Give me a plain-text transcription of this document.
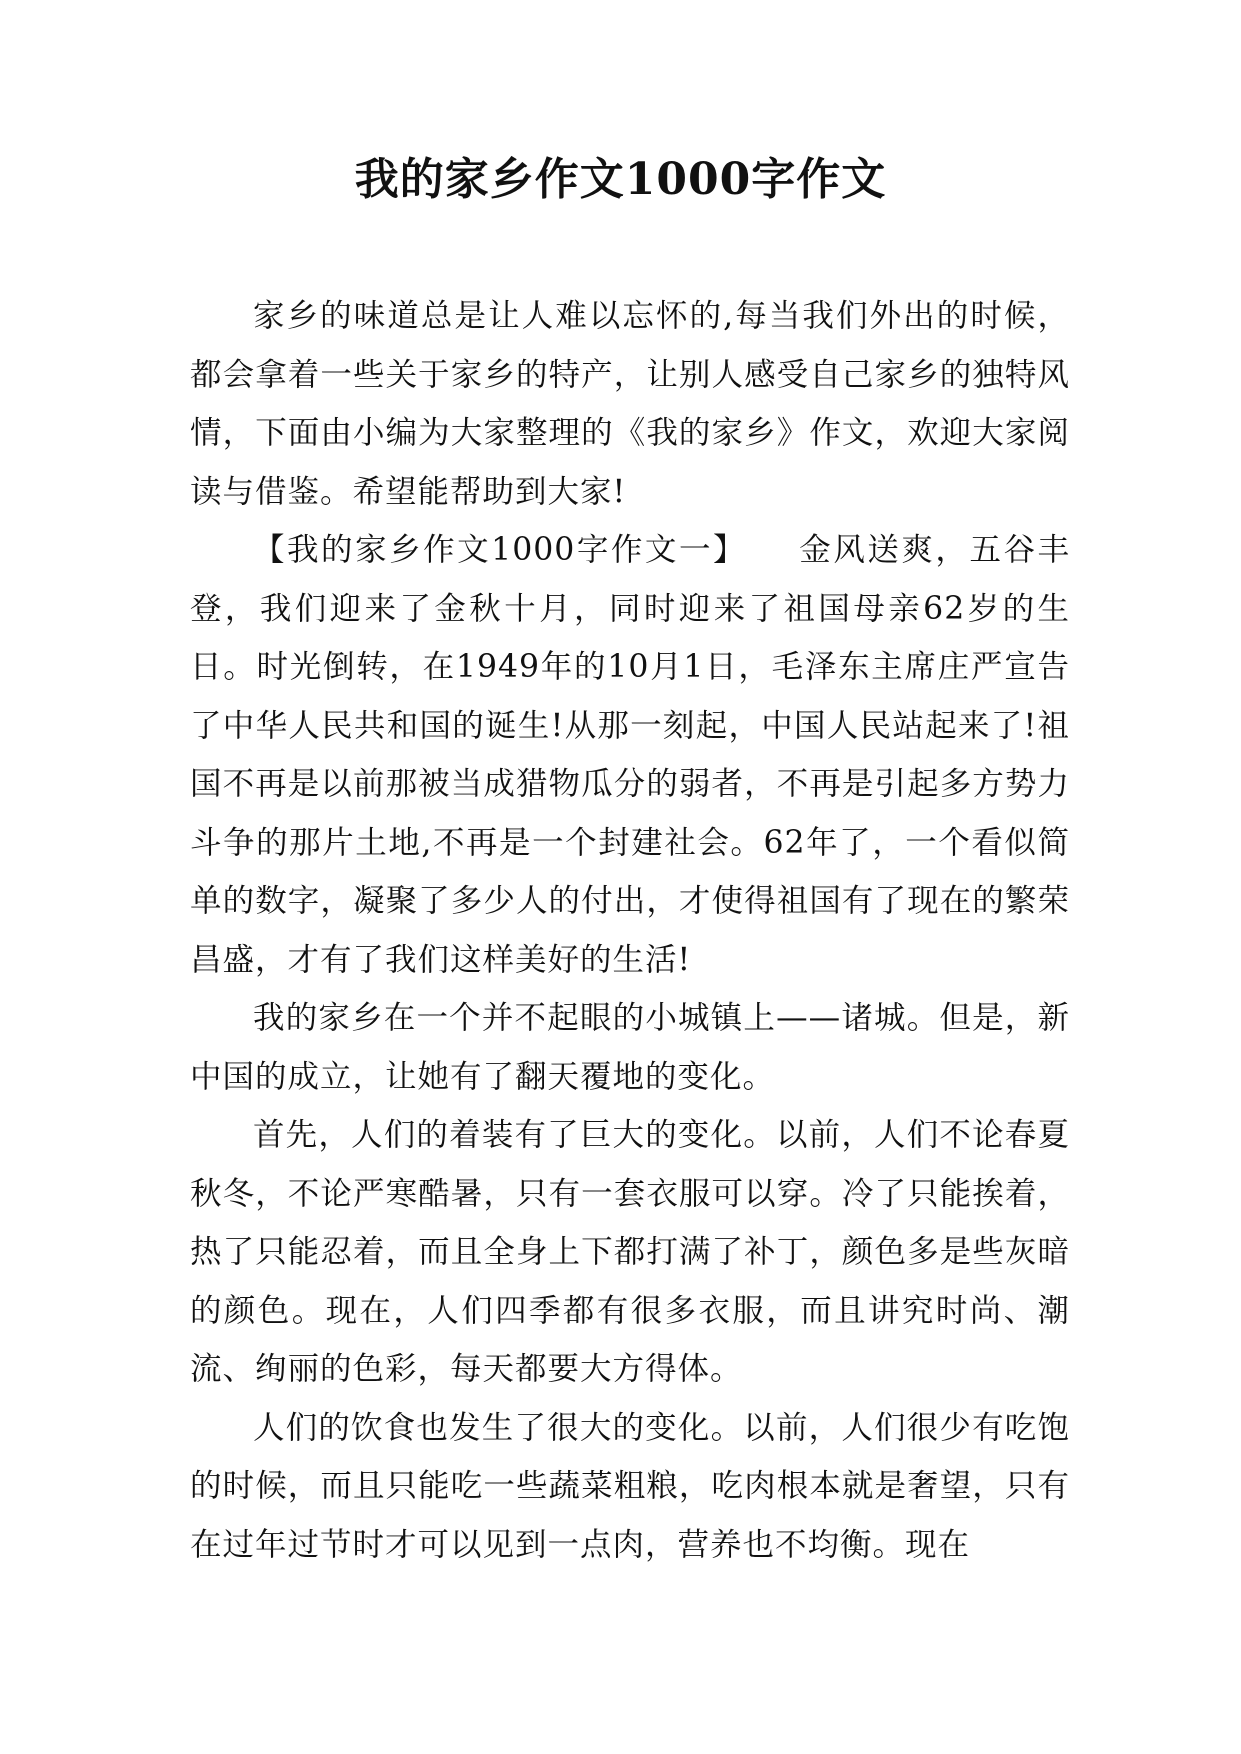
我的家乡作文1000字作文

家乡的味道总是让人难以忘怀的,每当我们外出的时候，都会拿着一些关于家乡的特产，让别人感受自己家乡的独特风情，下面由小编为大家整理的《我的家乡》作文，欢迎大家阅读与借鉴。希望能帮助到大家!

【我的家乡作文1000字作文一】　　金风送爽，五谷丰登，我们迎来了金秋十月，同时迎来了祖国母亲62岁的生日。时光倒转，在1949年的10月1日，毛泽东主席庄严宣告了中华人民共和国的诞生!从那一刻起，中国人民站起来了!祖国不再是以前那被当成猎物瓜分的弱者，不再是引起多方势力斗争的那片土地,不再是一个封建社会。62年了，一个看似简单的数字，凝聚了多少人的付出，才使得祖国有了现在的繁荣昌盛，才有了我们这样美好的生活!

我的家乡在一个并不起眼的小城镇上——诸城。但是，新中国的成立，让她有了翻天覆地的变化。

首先，人们的着装有了巨大的变化。以前，人们不论春夏秋冬，不论严寒酷暑，只有一套衣服可以穿。冷了只能挨着，热了只能忍着，而且全身上下都打满了补丁，颜色多是些灰暗的颜色。现在，人们四季都有很多衣服，而且讲究时尚、潮流、绚丽的色彩，每天都要大方得体。

人们的饮食也发生了很大的变化。以前，人们很少有吃饱的时候，而且只能吃一些蔬菜粗粮，吃肉根本就是奢望，只有在过年过节时才可以见到一点肉，营养也不均衡。现在
